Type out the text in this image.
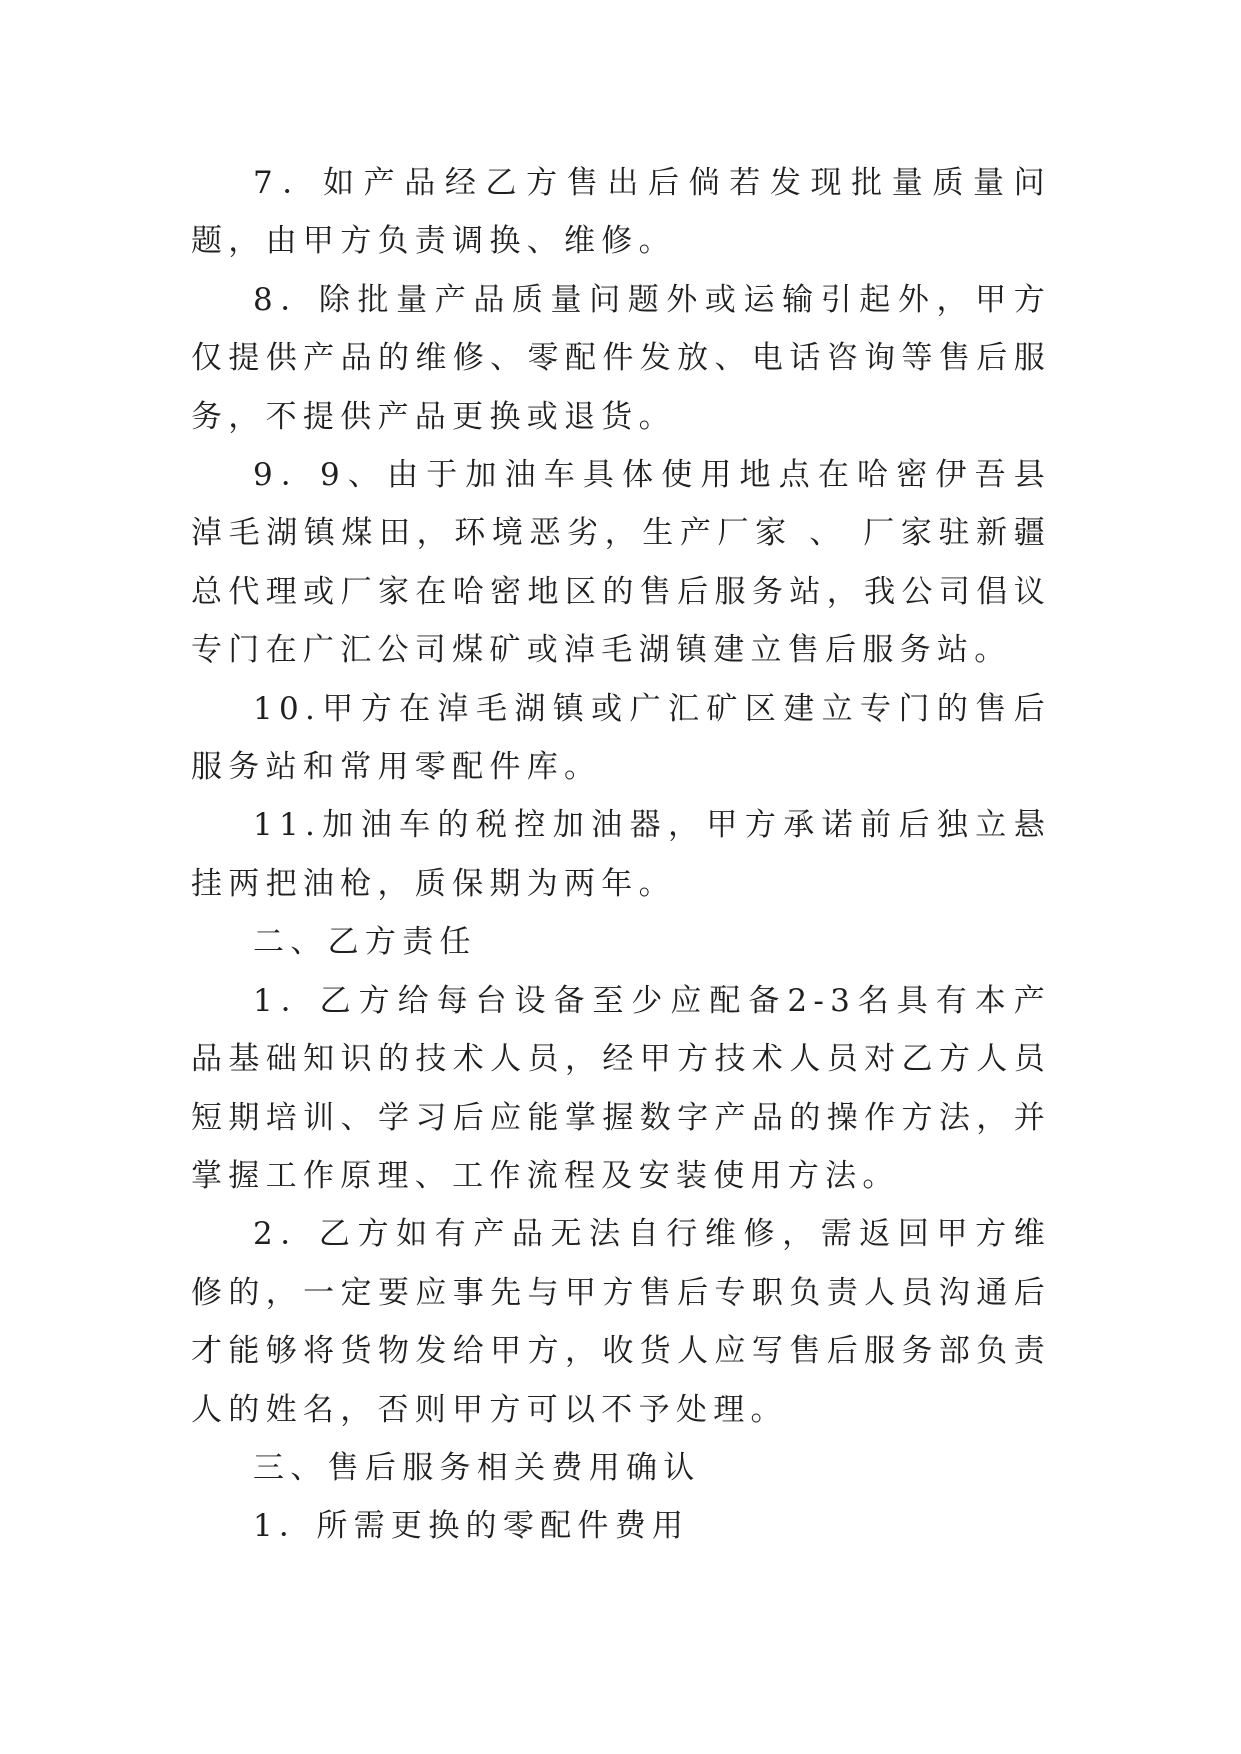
7．如产品经乙方售出后倘若发现批量质量问题，由甲方负责调换、维修。

8．除批量产品质量问题外或运输引起外，甲方仅提供产品的维修、零配件发放、电话咨询等售后服务，不提供产品更换或退货。

9．9、由于加油车具体使用地点在哈密伊吾县淖毛湖镇煤田，环境恶劣，生产厂家 、 厂家驻新疆总代理或厂家在哈密地区的售后服务站，我公司倡议专门在广汇公司煤矿或淖毛湖镇建立售后服务站。

10.甲方在淖毛湖镇或广汇矿区建立专门的售后服务站和常用零配件库。

11.加油车的税控加油器，甲方承诺前后独立悬挂两把油枪，质保期为两年。

二、乙方责任

1．乙方给每台设备至少应配备2-3名具有本产品基础知识的技术人员，经甲方技术人员对乙方人员短期培训、学习后应能掌握数字产品的操作方法，并掌握工作原理、工作流程及安装使用方法。

2．乙方如有产品无法自行维修，需返回甲方维修的，一定要应事先与甲方售后专职负责人员沟通后才能够将货物发给甲方，收货人应写售后服务部负责人的姓名，否则甲方可以不予处理。

三、售后服务相关费用确认

1．所需更换的零配件费用
